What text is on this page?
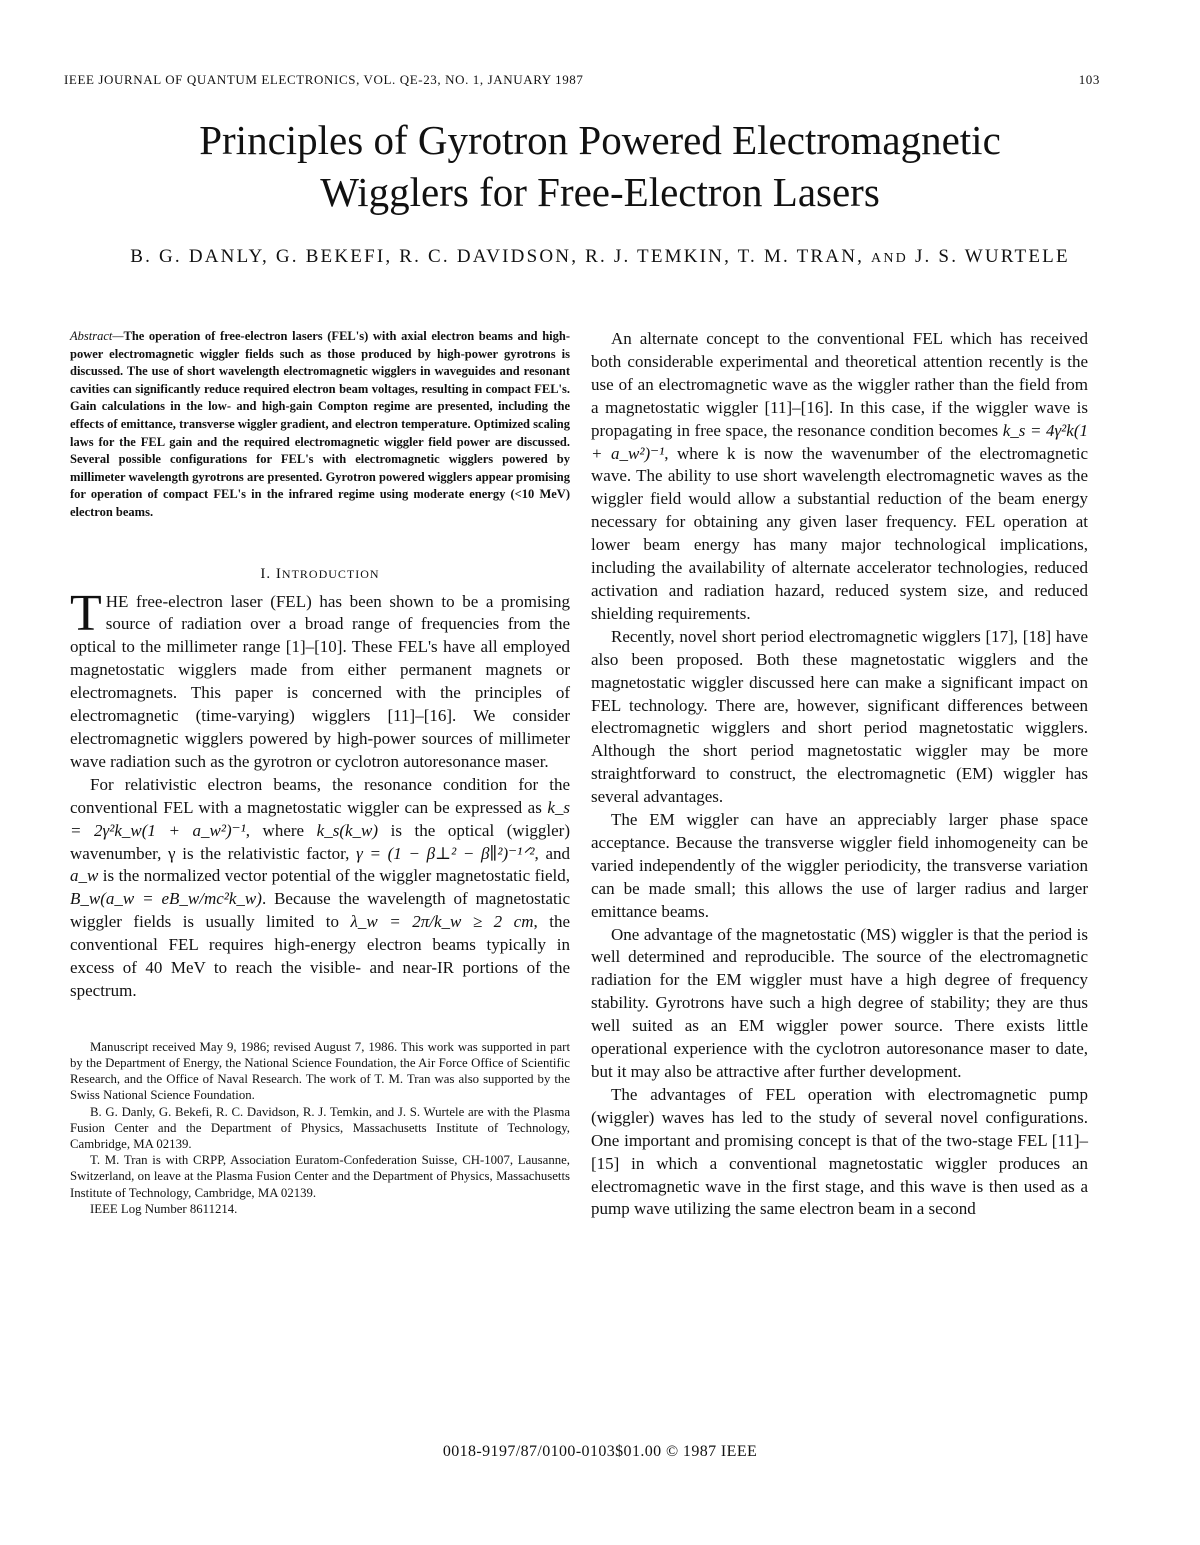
IEEE JOURNAL OF QUANTUM ELECTRONICS, VOL. QE-23, NO. 1, JANUARY 1987	103
Principles of Gyrotron Powered Electromagnetic
Wigglers for Free-Electron Lasers
B. G. DANLY, G. BEKEFI, R. C. DAVIDSON, R. J. TEMKIN, T. M. TRAN, AND J. S. WURTELE

Abstract—The operation of free-electron lasers (FEL's) with axial electron beams and high-power electromagnetic wiggler fields such as those produced by high-power gyrotrons is discussed. The use of short wavelength electromagnetic wigglers in waveguides and resonant cavities can significantly reduce required electron beam voltages, resulting in compact FEL's. Gain calculations in the low- and high-gain Compton regime are presented, including the effects of emittance, transverse wiggler gradient, and electron temperature. Optimized scaling laws for the FEL gain and the required electromagnetic wiggler field power are discussed. Several possible configurations for FEL's with electromagnetic wigglers powered by millimeter wavelength gyrotrons are presented. Gyrotron powered wigglers appear promising for operation of compact FEL's in the infrared regime using moderate energy (<10 MeV) electron beams.

I. INTRODUCTION

THE free-electron laser (FEL) has been shown to be a promising source of radiation over a broad range of frequencies from the optical to the millimeter range [1]–[10]. These FEL's have all employed magnetostatic wigglers made from either permanent magnets or electromagnets. This paper is concerned with the principles of electromagnetic (time-varying) wigglers [11]–[16]. We consider electromagnetic wigglers powered by high-power sources of millimeter wave radiation such as the gyrotron or cyclotron autoresonance maser.

For relativistic electron beams, the resonance condition for the conventional FEL with a magnetostatic wiggler can be expressed as k_s = 2γ²k_w(1 + a_w²)⁻¹, where k_s(k_w) is the optical (wiggler) wavenumber, γ is the relativistic factor, γ = (1 − β⊥² − β∥²)⁻¹ᐟ², and a_w is the normalized vector potential of the wiggler magnetostatic field, B_w(a_w = eB_w/mc²k_w). Because the wavelength of magnetostatic wiggler fields is usually limited to λ_w = 2π/k_w ≥ 2 cm, the conventional FEL requires high-energy electron beams typically in excess of 40 MeV to reach the visible- and near-IR portions of the spectrum.

Manuscript received May 9, 1986; revised August 7, 1986. This work was supported in part by the Department of Energy, the National Science Foundation, the Air Force Office of Scientific Research, and the Office of Naval Research. The work of T. M. Tran was also supported by the Swiss National Science Foundation.

B. G. Danly, G. Bekefi, R. C. Davidson, R. J. Temkin, and J. S. Wurtele are with the Plasma Fusion Center and the Department of Physics, Massachusetts Institute of Technology, Cambridge, MA 02139.

T. M. Tran is with CRPP, Association Euratom-Confederation Suisse, CH-1007, Lausanne, Switzerland, on leave at the Plasma Fusion Center and the Department of Physics, Massachusetts Institute of Technology, Cambridge, MA 02139.

IEEE Log Number 8611214.

An alternate concept to the conventional FEL which has received both considerable experimental and theoretical attention recently is the use of an electromagnetic wave as the wiggler rather than the field from a magnetostatic wiggler [11]–[16]. In this case, if the wiggler wave is propagating in free space, the resonance condition becomes k_s = 4γ²k(1 + a_w²)⁻¹, where k is now the wavenumber of the electromagnetic wave. The ability to use short wavelength electromagnetic waves as the wiggler field would allow a substantial reduction of the beam energy necessary for obtaining any given laser frequency. FEL operation at lower beam energy has many major technological implications, including the availability of alternate accelerator technologies, reduced activation and radiation hazard, reduced system size, and reduced shielding requirements.

Recently, novel short period electromagnetic wigglers [17], [18] have also been proposed. Both these magnetostatic wigglers and the magnetostatic wiggler discussed here can make a significant impact on FEL technology. There are, however, significant differences between electromagnetic wigglers and short period magnetostatic wigglers. Although the short period magnetostatic wiggler may be more straightforward to construct, the electromagnetic (EM) wiggler has several advantages.

The EM wiggler can have an appreciably larger phase space acceptance. Because the transverse wiggler field inhomogeneity can be varied independently of the wiggler periodicity, the transverse variation can be made small; this allows the use of larger radius and larger emittance beams.

One advantage of the magnetostatic (MS) wiggler is that the period is well determined and reproducible. The source of the electromagnetic radiation for the EM wiggler must have a high degree of frequency stability. Gyrotrons have such a high degree of stability; they are thus well suited as an EM wiggler power source. There exists little operational experience with the cyclotron autoresonance maser to date, but it may also be attractive after further development.

The advantages of FEL operation with electromagnetic pump (wiggler) waves has led to the study of several novel configurations. One important and promising concept is that of the two-stage FEL [11]–[15] in which a conventional magnetostatic wiggler produces an electromagnetic wave in the first stage, and this wave is then used as a pump wave utilizing the same electron beam in a second

0018-9197/87/0100-0103$01.00 © 1987 IEEE
